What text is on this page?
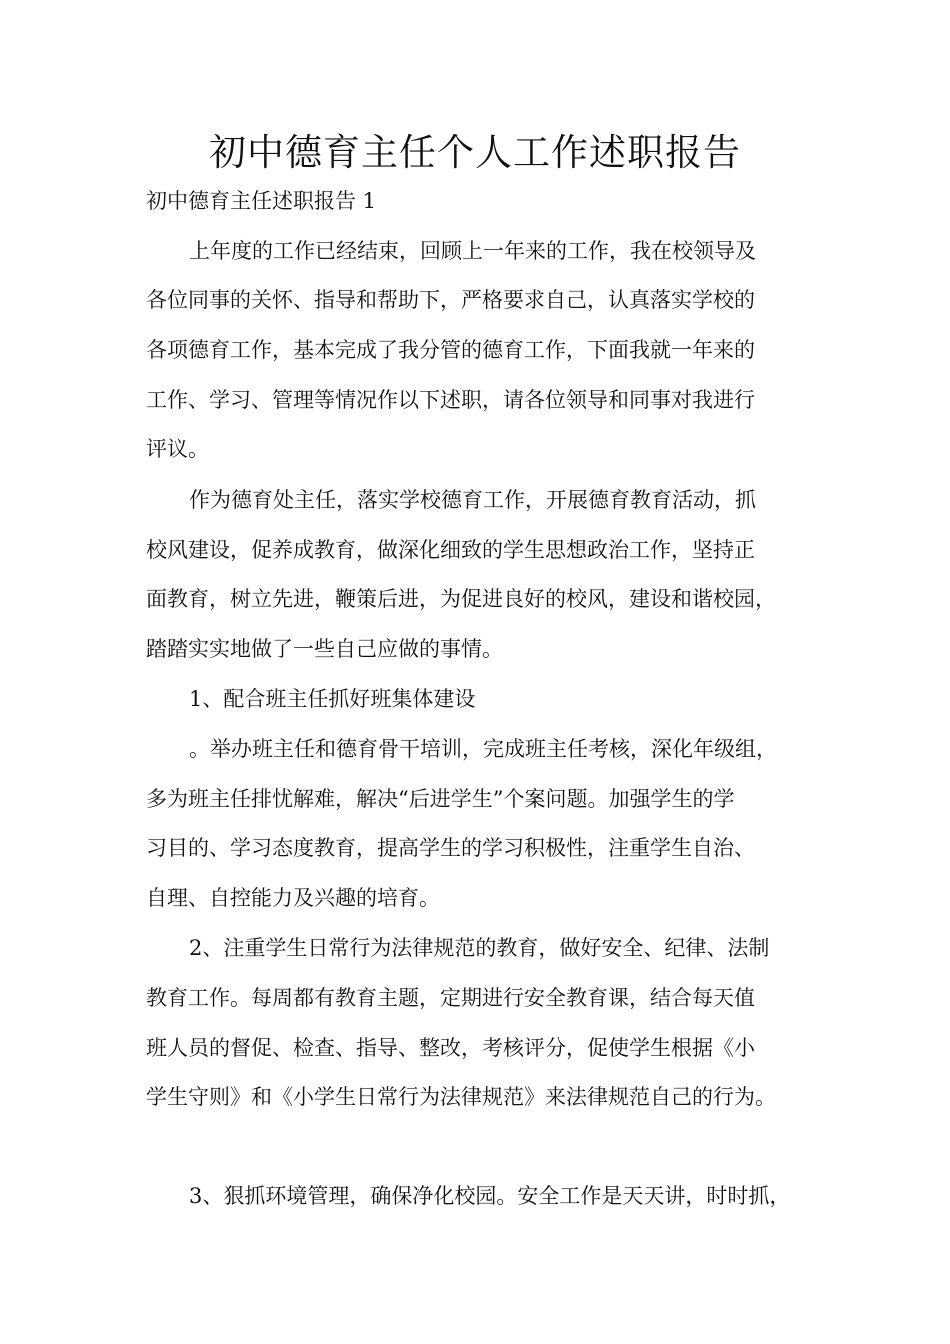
初中德育主任个人工作述职报告

初中德育主任述职报告 1

上年度的工作已经结束，回顾上一年来的工作，我在校领导及

各位同事的关怀、指导和帮助下，严格要求自己，认真落实学校的

各项德育工作，基本完成了我分管的德育工作，下面我就一年来的

工作、学习、管理等情况作以下述职，请各位领导和同事对我进行

评议。

作为德育处主任，落实学校德育工作，开展德育教育活动，抓

校风建设，促养成教育，做深化细致的学生思想政治工作，坚持正

面教育，树立先进，鞭策后进，为促进良好的校风，建设和谐校园，

踏踏实实地做了一些自己应做的事情。

1、配合班主任抓好班集体建设

。举办班主任和德育骨干培训，完成班主任考核，深化年级组，

多为班主任排忧解难，解决“后进学生”个案问题。加强学生的学

习目的、学习态度教育，提高学生的学习积极性，注重学生自治、

自理、自控能力及兴趣的培育。

2、注重学生日常行为法律规范的教育，做好安全、纪律、法制

教育工作。每周都有教育主题，定期进行安全教育课，结合每天值

班人员的督促、检查、指导、整改，考核评分，促使学生根据《小

学生守则》和《小学生日常行为法律规范》来法律规范自己的行为。

3、狠抓环境管理，确保净化校园。安全工作是天天讲，时时抓，
